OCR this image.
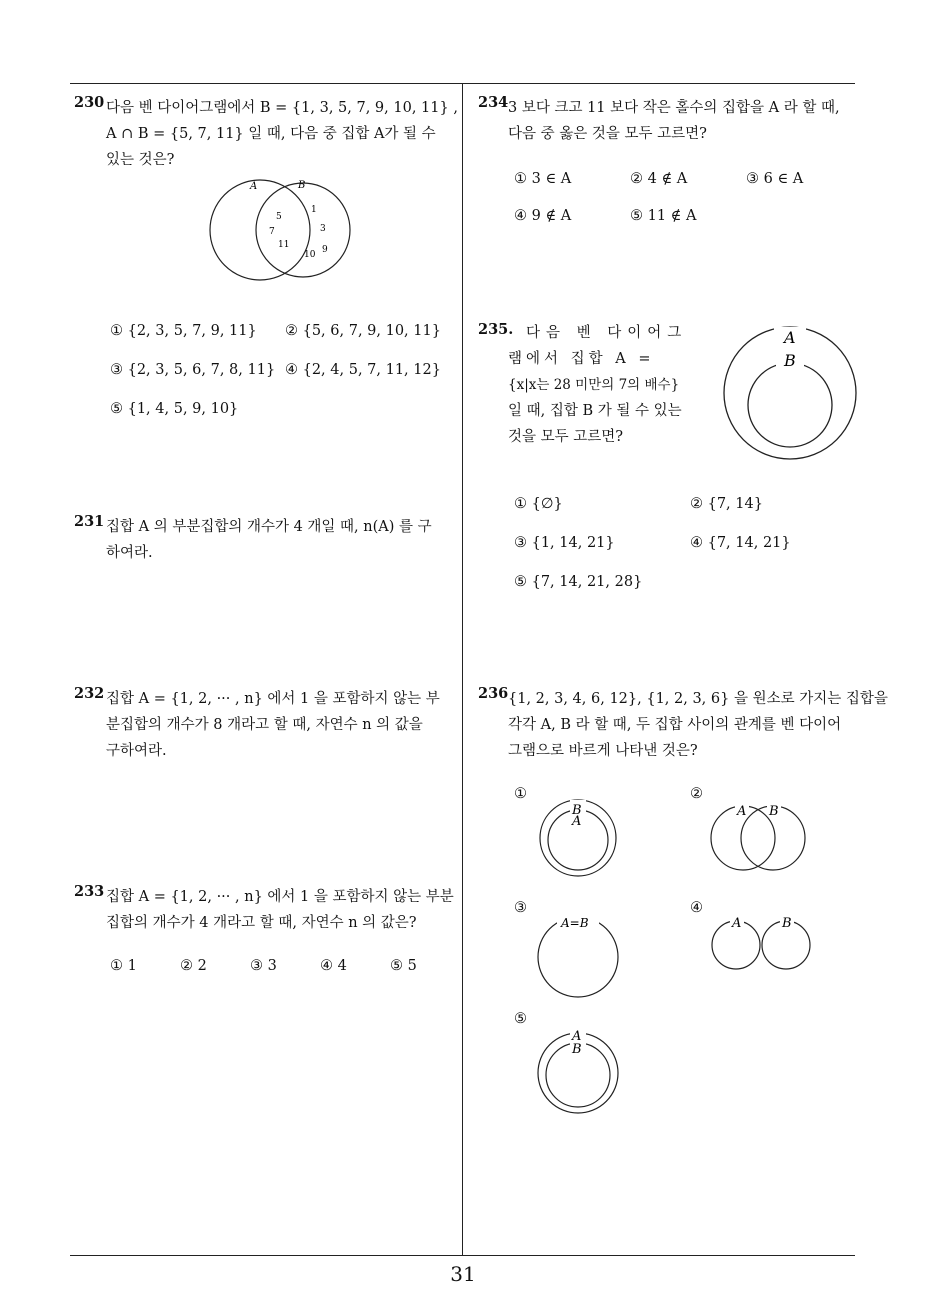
230 다음 벤 다이어그램에서 B = {1, 3, 5, 7, 9, 10, 11} ,
A ∩ B = {5, 7, 11} 일 때, 다음 중 집합 A가 될 수
있는 것은?
A	B
5
1
7	3
11
10 9
① {2, 3, 5, 7, 9, 11} ② {5, 6, 7, 9, 10, 11}
③ {2, 3, 5, 6, 7, 8, 11} ④ {2, 4, 5, 7, 11, 12}
⑤ {1, 4, 5, 9, 10}
231 집합 A 의 부분집합의 개수가 4 개일 때, n(A) 를 구
하여라.
232 집합 A = {1, 2, ··· , n} 에서 1 을 포함하지 않는 부
분집합의 개수가 8 개라고 할 때, 자연수 n 의 값을
구하여라.
233 집합 A = {1, 2, ··· , n} 에서 1 을 포함하지 않는 부분
집합의 개수가 4 개라고 할 때, 자연수 n 의 값은?
① 1	② 2	③ 3	④ 4	⑤ 5
234 3 보다 크고 11 보다 작은 홀수의 집합을 A 라 할 때,
다음 중 옳은 것을 모두 고르면?
① 3 ∈ A	② 4 ∉ A	③ 6 ∈ A
④ 9 ∉ A	⑤ 11 ∉ A
235. 다음 벤 다이어그
램에서 집합 A =
{x|x는 28 미만의 7의 배수}
일 때, 집합 B 가 될 수 있는
것을 모두 고르면?
A
B
① {∅}	② {7, 14}
③ {1, 14, 21}	④ {7, 14, 21}
⑤ {7, 14, 21, 28}
236 {1, 2, 3, 4, 6, 12}, {1, 2, 3, 6} 을 원소로 가지는 집합을
각각 A, B 라 할 때, 두 집합 사이의 관계를 벤 다이어
그램으로 바르게 나타낸 것은?
①
B
A
②
A B
③
A=B
④
A	B
⑤
A
B
31
